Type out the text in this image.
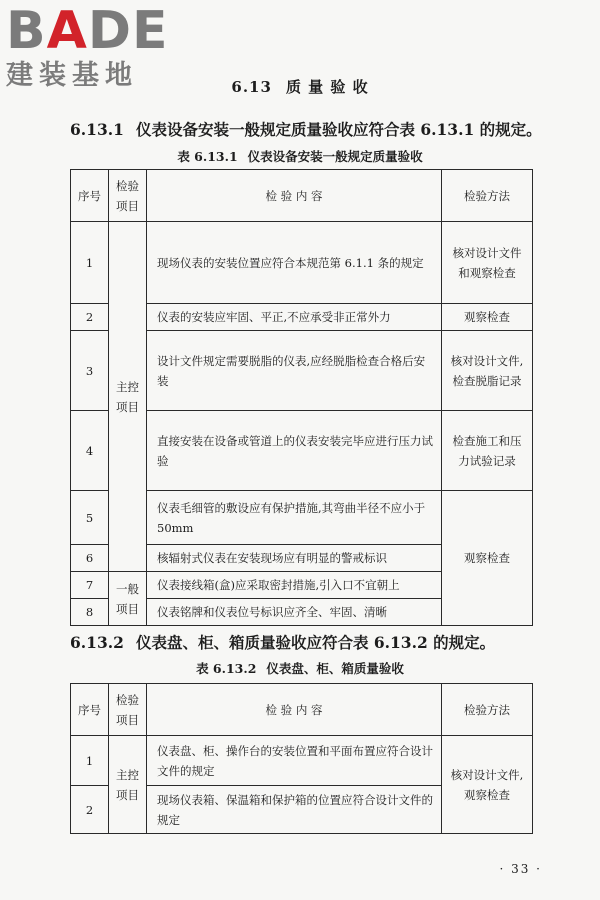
BADE
建装基地	6.13 质 量 验 收
6.13.1 仪表设备安装一般规定质量验收应符合表 6.13.1 的规定。
表 6.13.1 仪表设备安装一般规定质量验收
序号	检验项目	检 验 内 容	检验方法
1	主控项目	现场仪表的安装位置应符合本规范第 6.1.1 条的规定	核对设计文件和观察检查
2		仪表的安装应牢固、平正,不应承受非正常外力	观察检查
3		设计文件规定需要脱脂的仪表,应经脱脂检查合格后安装	核对设计文件,检查脱脂记录
4		直接安装在设备或管道上的仪表安装完毕应进行压力试验	检查施工和压力试验记录
5		仪表毛细管的敷设应有保护措施,其弯曲半径不应小于 50mm	观察检查
6		核辐射式仪表在安装现场应有明显的警戒标识	
7	一般项目	仪表接线箱(盒)应采取密封措施,引入口不宜朝上	
8		仪表铭牌和仪表位号标识应齐全、牢固、清晰	
6.13.2 仪表盘、柜、箱质量验收应符合表 6.13.2 的规定。
表 6.13.2 仪表盘、柜、箱质量验收
序号	检验项目	检 验 内 容	检验方法
1	主控项目	仪表盘、柜、操作台的安装位置和平面布置应符合设计文件的规定	核对设计文件,观察检查
2		现场仪表箱、保温箱和保护箱的位置应符合设计文件的规定	
· 33 ·
